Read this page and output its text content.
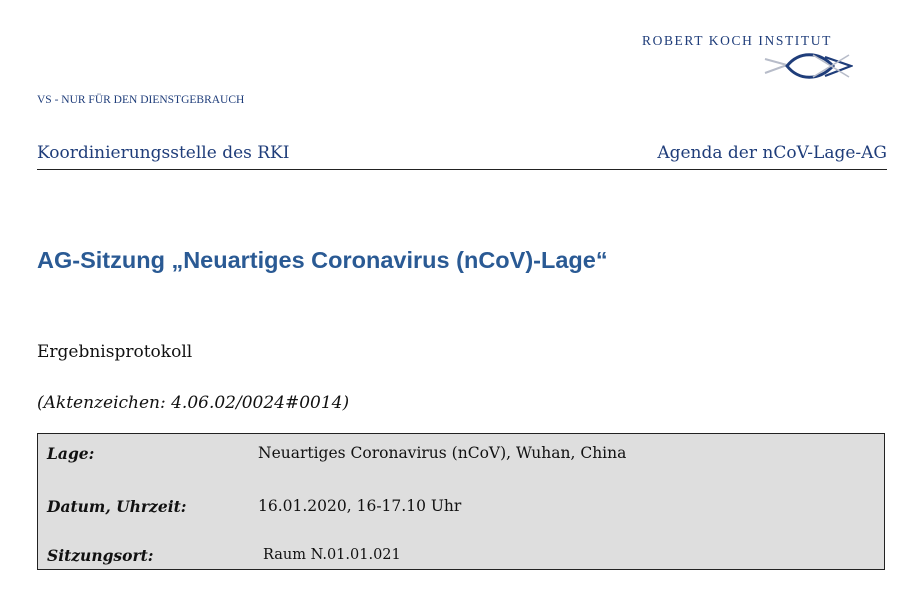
ROBERT KOCH INSTITUT
VS - NUR FÜR DEN DIENSTGEBRAUCH
Koordinierungsstelle des RKI	Agenda der nCoV-Lage-AG
AG-Sitzung „Neuartiges Coronavirus (nCoV)-Lage“
Ergebnisprotokoll
(Aktenzeichen: 4.06.02/0024#0014)
Lage:	Neuartiges Coronavirus (nCoV), Wuhan, China
Datum, Uhrzeit:	16.01.2020, 16-17.10 Uhr
Sitzungsort:	Raum N.01.01.021
